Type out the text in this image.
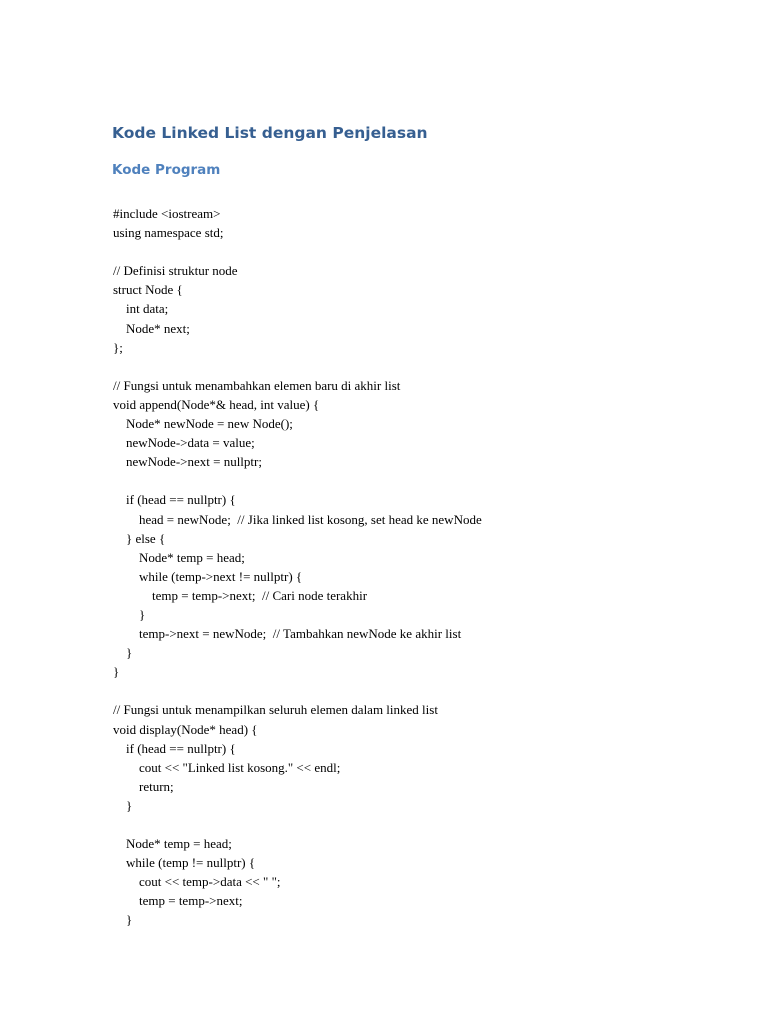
Kode Linked List dengan Penjelasan
Kode Program
#include <iostream>
using namespace std;
// Definisi struktur node
struct Node {
int data;
Node* next;
};
// Fungsi untuk menambahkan elemen baru di akhir list
void append(Node*& head, int value) {
Node* newNode = new Node();
newNode->data = value;
newNode->next = nullptr;
if (head == nullptr) {
head = newNode;  // Jika linked list kosong, set head ke newNode
} else {
Node* temp = head;
while (temp->next != nullptr) {
temp = temp->next;  // Cari node terakhir
}
temp->next = newNode;  // Tambahkan newNode ke akhir list
}
}
// Fungsi untuk menampilkan seluruh elemen dalam linked list
void display(Node* head) {
if (head == nullptr) {
cout << "Linked list kosong." << endl;
return;
}
Node* temp = head;
while (temp != nullptr) {
cout << temp->data << " ";
temp = temp->next;
}
